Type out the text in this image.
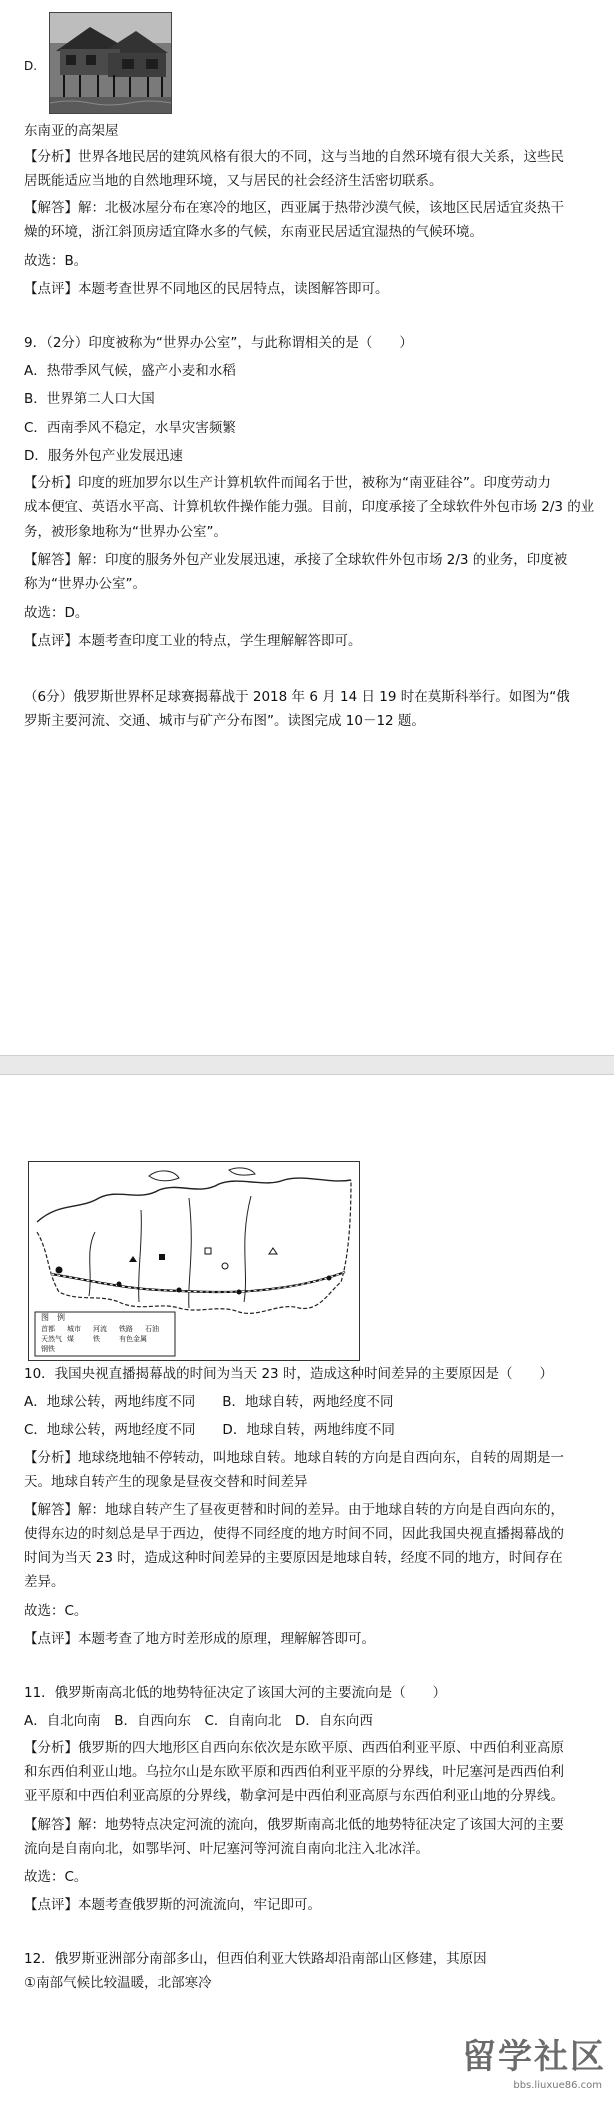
D.
东南亚的高架屋
【分析】世界各地民居的建筑风格有很大的不同，这与当地的自然环境有很大关系，这些民
居既能适应当地的自然地理环境，又与居民的社会经济生活密切联系。
【解答】解：北极冰屋分布在寒冷的地区，西亚属于热带沙漠气候，该地区民居适宜炎热干
燥的环境，浙江斜顶房适宜降水多的气候，东南亚民居适宜湿热的气候环境。
故选：B。
【点评】本题考查世界不同地区的民居特点，读图解答即可。
9．（2分）印度被称为“世界办公室”，与此称谓相关的是（　　）
A．热带季风气候，盛产小麦和水稻
B．世界第二人口大国
C．西南季风不稳定，水旱灾害频繁
D．服务外包产业发展迅速
【分析】印度的班加罗尔以生产计算机软件而闻名于世，被称为“南亚硅谷”。印度劳动力
成本便宜、英语水平高、计算机软件操作能力强。目前，印度承接了全球软件外包市场 2/3 的业
务，被形象地称为“世界办公室”。
【解答】解：印度的服务外包产业发展迅速，承接了全球软件外包市场 2/3 的业务，印度被
称为“世界办公室”。
故选：D。
【点评】本题考查印度工业的特点，学生理解解答即可。
（6分）俄罗斯世界杯足球赛揭幕战于 2018 年 6 月 14 日 19 时在莫斯科举行。如图为“俄
罗斯主要河流、交通、城市与矿产分布图”。读图完成 10－12 题。
图　例
首都	城市	河流	铁路	石油
天然气 煤	铁	有色金属
钢铁
10．我国央视直播揭幕战的时间为当天 23 时，造成这种时间差异的主要原因是（　　）
A．地球公转，两地纬度不同　　B．地球自转，两地经度不同
C．地球公转，两地经度不同　　D．地球自转，两地纬度不同
【分析】地球绕地轴不停转动，叫地球自转。地球自转的方向是自西向东，自转的周期是一
天。地球自转产生的现象是昼夜交替和时间差异
【解答】解：地球自转产生了昼夜更替和时间的差异。由于地球自转的方向是自西向东的，
使得东边的时刻总是早于西边，使得不同经度的地方时间不同，因此我国央视直播揭幕战的
时间为当天 23 时，造成这种时间差异的主要原因是地球自转，经度不同的地方，时间存在
差异。
故选：C。
【点评】本题考查了地方时差形成的原理，理解解答即可。
11．俄罗斯南高北低的地势特征决定了该国大河的主要流向是（　　）
A．自北向南　B．自西向东　C．自南向北　D．自东向西
【分析】俄罗斯的四大地形区自西向东依次是东欧平原、西西伯利亚平原、中西伯利亚高原
和东西伯利亚山地。乌拉尔山是东欧平原和西西伯利亚平原的分界线，叶尼塞河是西西伯利
亚平原和中西伯利亚高原的分界线，勒拿河是中西伯利亚高原与东西伯利亚山地的分界线。
【解答】解：地势特点决定河流的流向，俄罗斯南高北低的地势特征决定了该国大河的主要
流向是自南向北，如鄂毕河、叶尼塞河等河流自南向北注入北冰洋。
故选：C。
【点评】本题考查俄罗斯的河流流向，牢记即可。
12．俄罗斯亚洲部分南部多山，但西伯利亚大铁路却沿南部山区修建，其原因
①南部气候比较温暖，北部寒冷
留学社区
bbs.liuxue86.com
